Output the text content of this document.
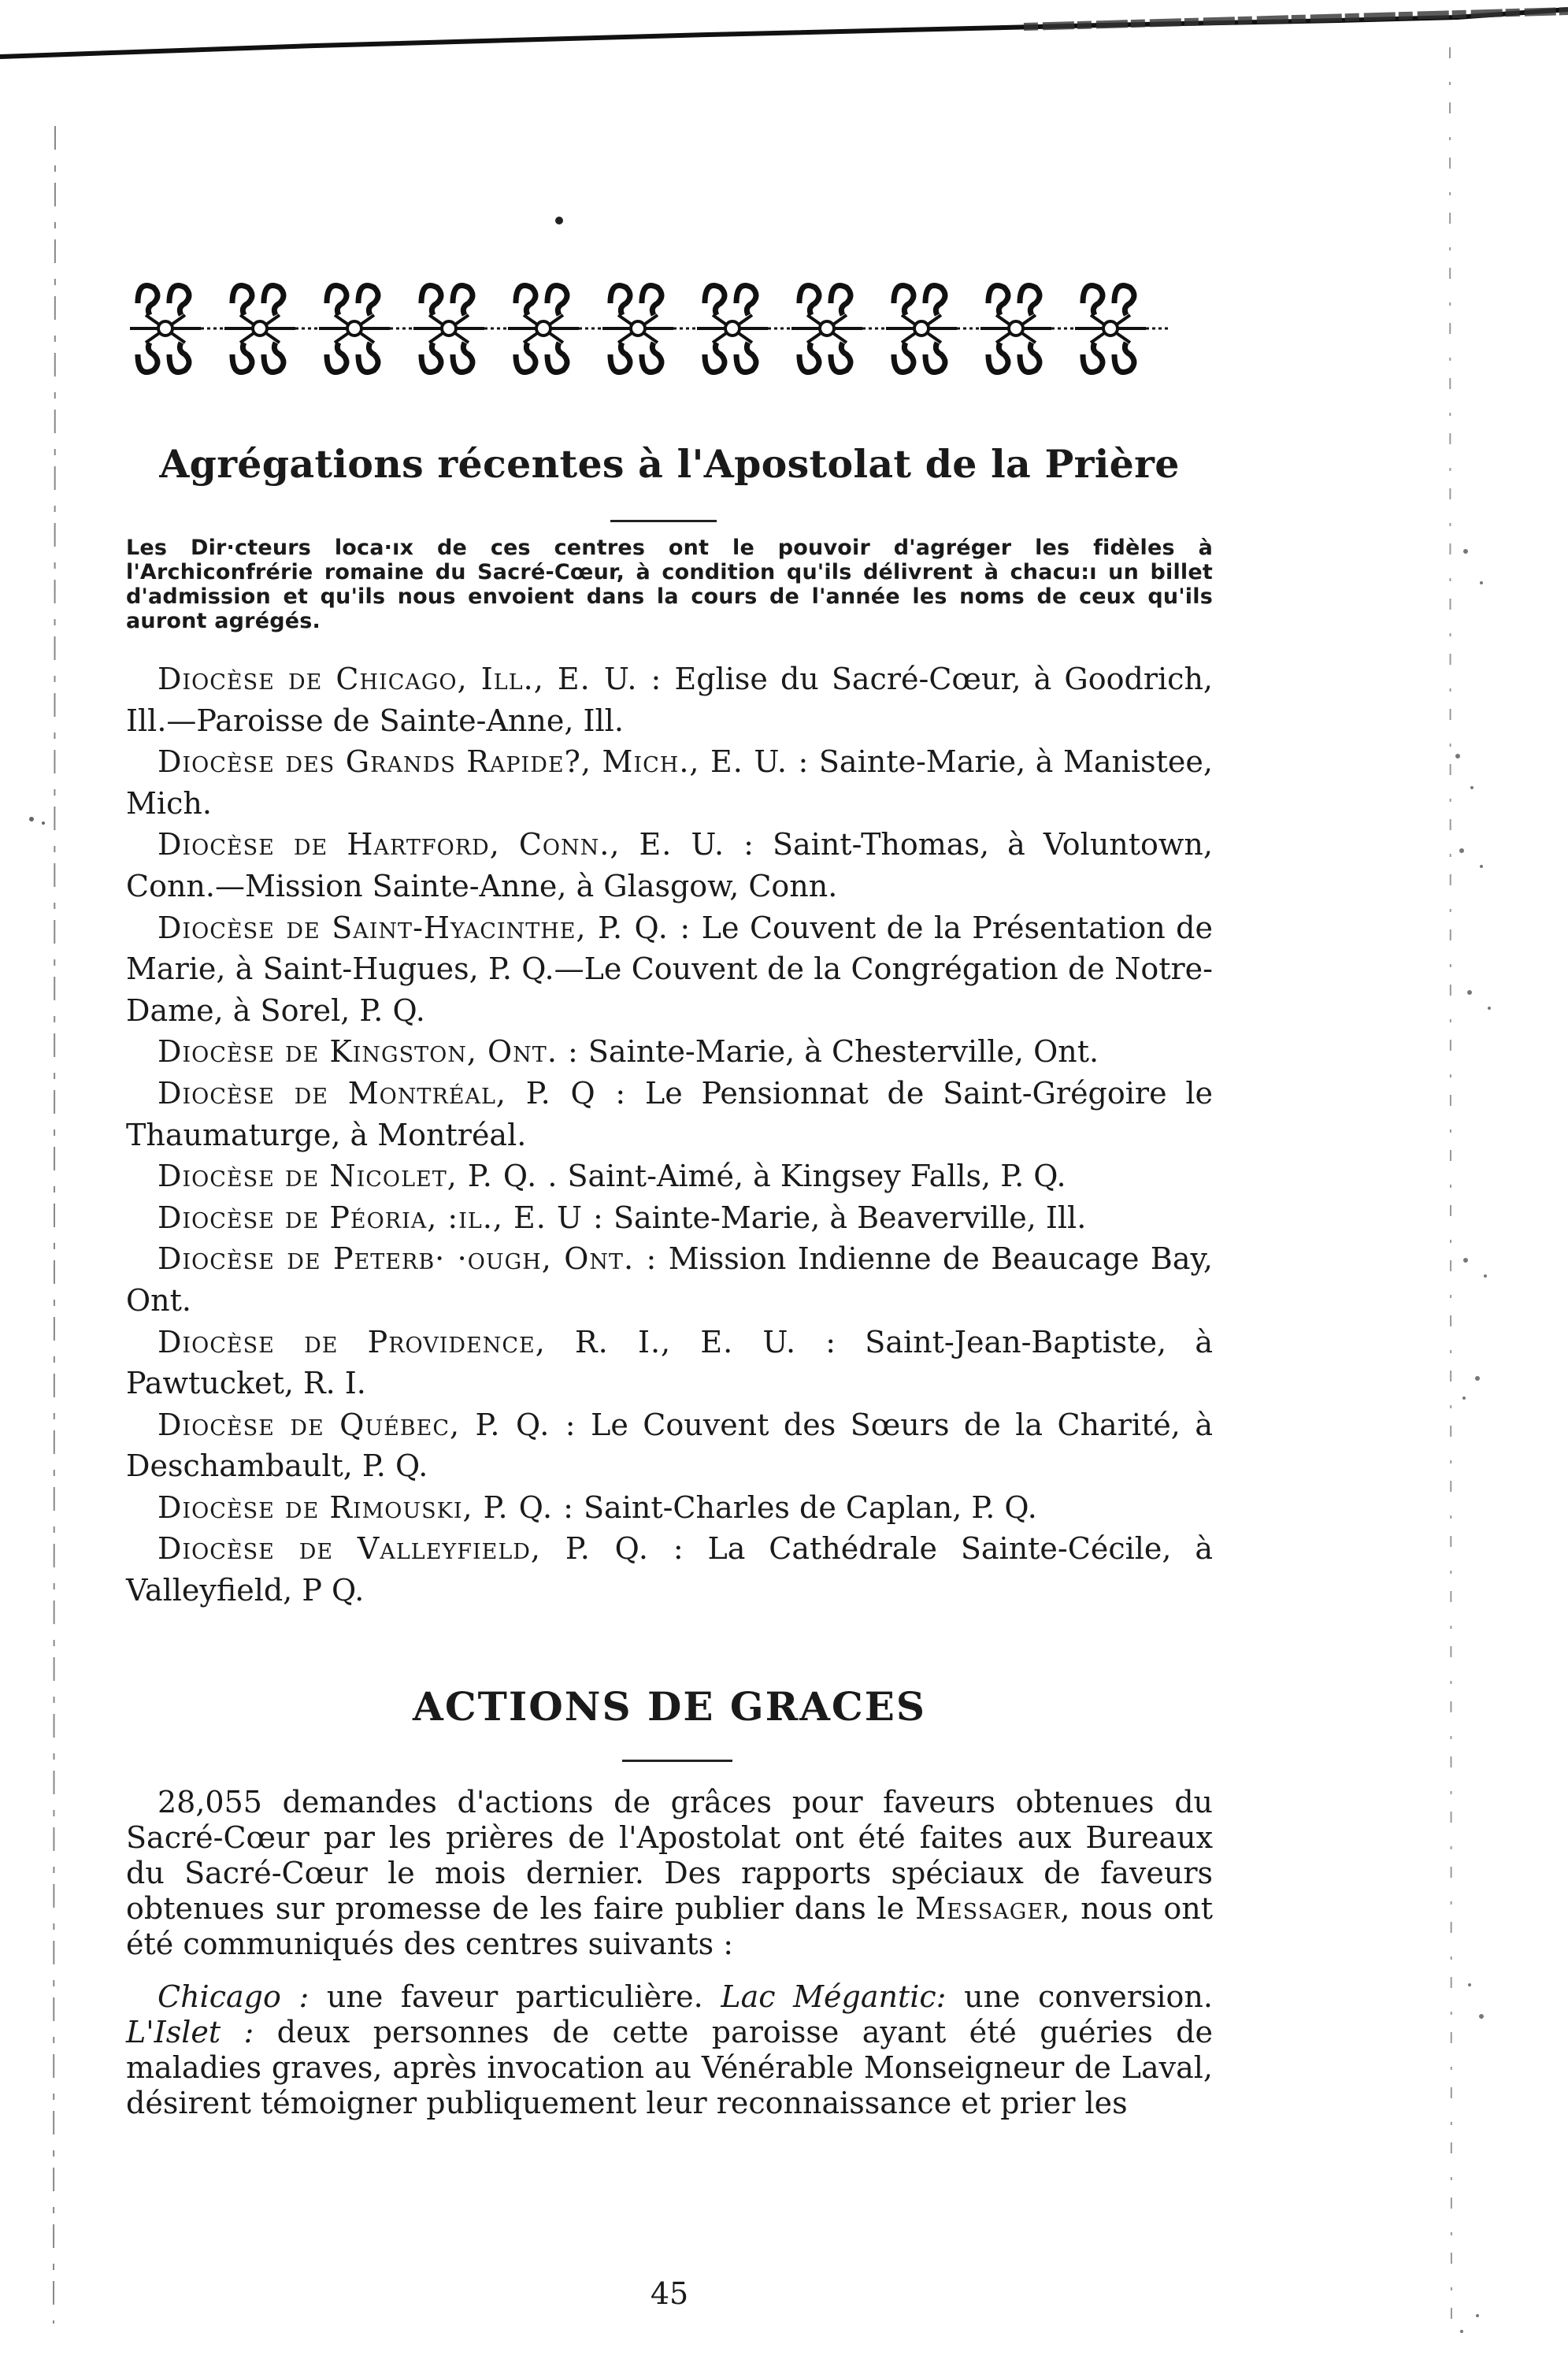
Agrégations récentes à l'Apostolat de la Prière

Les Dir·cteurs loca·ıx de ces centres ont le pouvoir d'agréger les fidèles à l'Archiconfrérie romaine du Sacré-Cœur, à condition qu'ils délivrent à chacu:ı un billet d'admission et qu'ils nous envoient dans la cours de l'année les noms de ceux qu'ils auront agrégés.

Diocèse de Chicago, Ill., E. U. : Eglise du Sacré-Cœur, à Goodrich, Ill.—Paroisse de Sainte-Anne, Ill.

Diocèse des Grands Rapide?, Mich., E. U. : Sainte-Marie, à Manistee, Mich.

Diocèse de Hartford, Conn., E. U. : Saint-Thomas, à Voluntown, Conn.—Mission Sainte-Anne, à Glasgow, Conn.

Diocèse de Saint-Hyacinthe, P. Q. : Le Couvent de la Présentation de Marie, à Saint-Hugues, P. Q.—Le Couvent de la Congrégation de Notre-Dame, à Sorel, P. Q.

Diocèse de Kingston, Ont. : Sainte-Marie, à Chesterville, Ont.

Diocèse de Montréal, P. Q : Le Pensionnat de Saint-Grégoire le Thaumaturge, à Montréal.

Diocèse de Nicolet, P. Q. . Saint-Aimé, à Kingsey Falls, P. Q.

Diocèse de Péoria, :ıl., E. U : Sainte-Marie, à Beaverville, Ill.

Diocèse de Peterb· ·ough, Ont. : Mission Indienne de Beaucage Bay, Ont.

Diocèse de Providence, R. I., E. U. : Saint-Jean-Baptiste, à Pawtucket, R. I.

Diocèse de Québec, P. Q. : Le Couvent des Sœurs de la Charité, à Deschambault, P. Q.

Diocèse de Rimouski, P. Q. : Saint-Charles de Caplan, P. Q.

Diocèse de Valleyfield, P. Q. : La Cathédrale Sainte-Cécile, à Valleyfield, P Q.

ACTIONS DE GRACES

28,055 demandes d'actions de grâces pour faveurs obtenues du Sacré-Cœur par les prières de l'Apostolat ont été faites aux Bureaux du Sacré-Cœur le mois dernier. Des rapports spéciaux de faveurs obtenues sur promesse de les faire publier dans le Messager, nous ont été communiqués des centres suivants :

Chicago : une faveur particulière. Lac Mégantic: une conversion. L'Islet : deux personnes de cette paroisse ayant été guéries de maladies graves, après invocation au Vénérable Monseigneur de Laval, désirent témoigner publiquement leur reconnaissance et prier les

45
